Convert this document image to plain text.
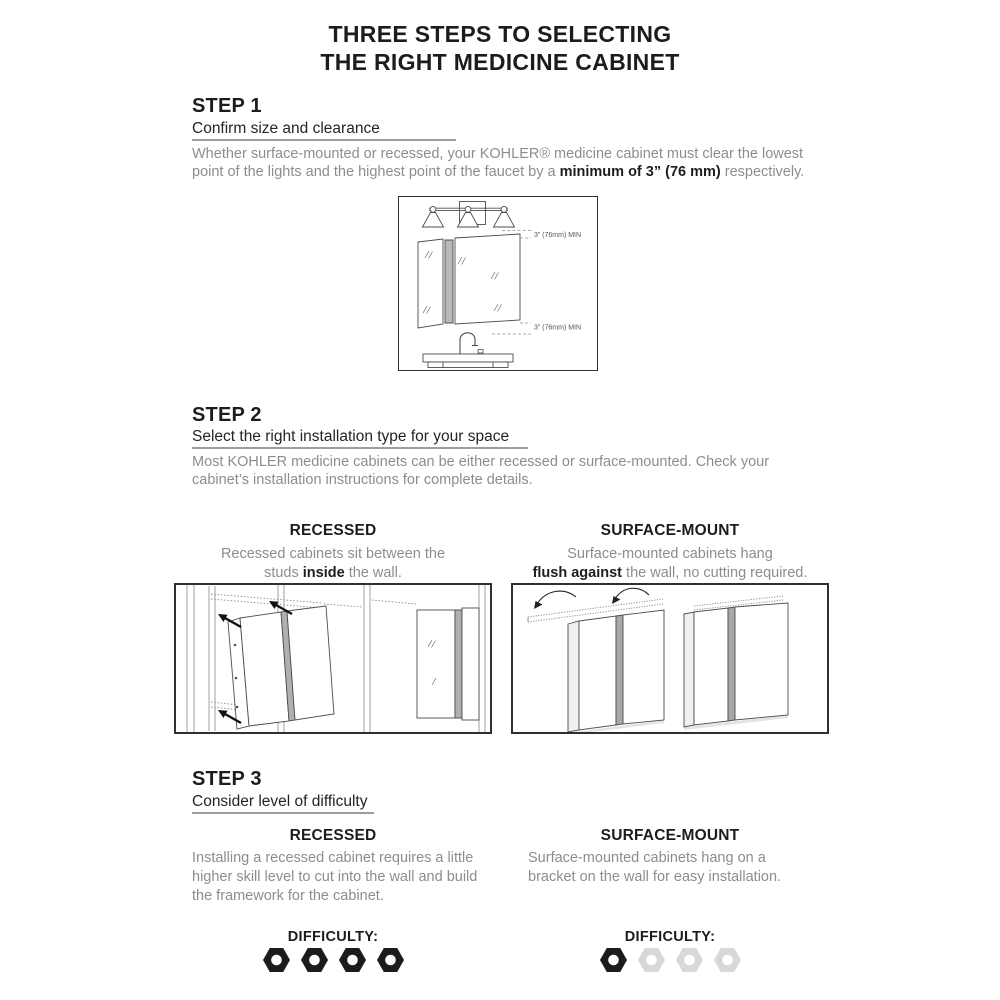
THREE STEPS TO SELECTING
THE RIGHT MEDICINE CABINET
STEP 1
Confirm size and clearance
Whether surface-mounted or recessed, your KOHLER® medicine cabinet must clear the lowest
point of the lights and the highest point of the faucet by a minimum of 3” (76 mm) respectively.
3” (76mm) MIN
3” (76mm) MIN
STEP 2
Select the right installation type for your space
Most KOHLER medicine cabinets can be either recessed or surface-mounted. Check your
cabinet’s installation instructions for complete details.
RECESSED	SURFACE-MOUNT
Recessed cabinets sit between the
studs inside the wall.
Surface-mounted cabinets hang
flush against the wall, no cutting required.
STEP 3
Consider level of difficulty
RECESSED	SURFACE-MOUNT
Installing a recessed cabinet requires a little
higher skill level to cut into the wall and build
the framework for the cabinet.
Surface-mounted cabinets hang on a
bracket on the wall for easy installation.
DIFFICULTY:	DIFFICULTY:
